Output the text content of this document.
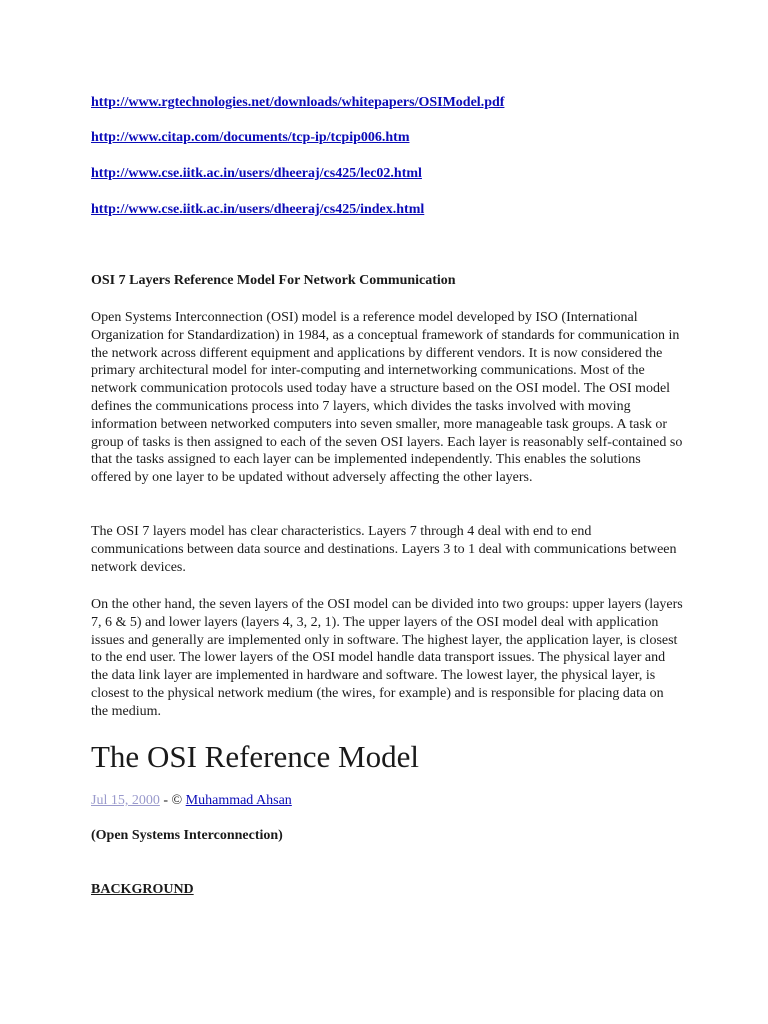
http://www.rgtechnologies.net/downloads/whitepapers/OSIModel.pdf
http://www.citap.com/documents/tcp-ip/tcpip006.htm
http://www.cse.iitk.ac.in/users/dheeraj/cs425/lec02.html
http://www.cse.iitk.ac.in/users/dheeraj/cs425/index.html
OSI 7 Layers Reference Model For Network Communication

Open Systems Interconnection (OSI) model is a reference model developed by ISO (International Organization for Standardization) in 1984, as a conceptual framework of standards for communication in the network across different equipment and applications by different vendors. It is now considered the primary architectural model for inter-computing and internetworking communications. Most of the network communication protocols used today have a structure based on the OSI model. The OSI model defines the communications process into 7 layers, which divides the tasks involved with moving information between networked computers into seven smaller, more manageable task groups. A task or group of tasks is then assigned to each of the seven OSI layers. Each layer is reasonably self-contained so that the tasks assigned to each layer can be implemented independently. This enables the solutions offered by one layer to be updated without adversely affecting the other layers.

The OSI 7 layers model has clear characteristics. Layers 7 through 4 deal with end to end communications between data source and destinations. Layers 3 to 1 deal with communications between network devices.

On the other hand, the seven layers of the OSI model can be divided into two groups: upper layers (layers 7, 6 & 5) and lower layers (layers 4, 3, 2, 1). The upper layers of the OSI model deal with application issues and generally are implemented only in software. The highest layer, the application layer, is closest to the end user. The lower layers of the OSI model handle data transport issues. The physical layer and the data link layer are implemented in hardware and software. The lowest layer, the physical layer, is closest to the physical network medium (the wires, for example) and is responsible for placing data on the medium.

The OSI Reference Model
Jul 15, 2000 - © Muhammad Ahsan
(Open Systems Interconnection)
BACKGROUND
